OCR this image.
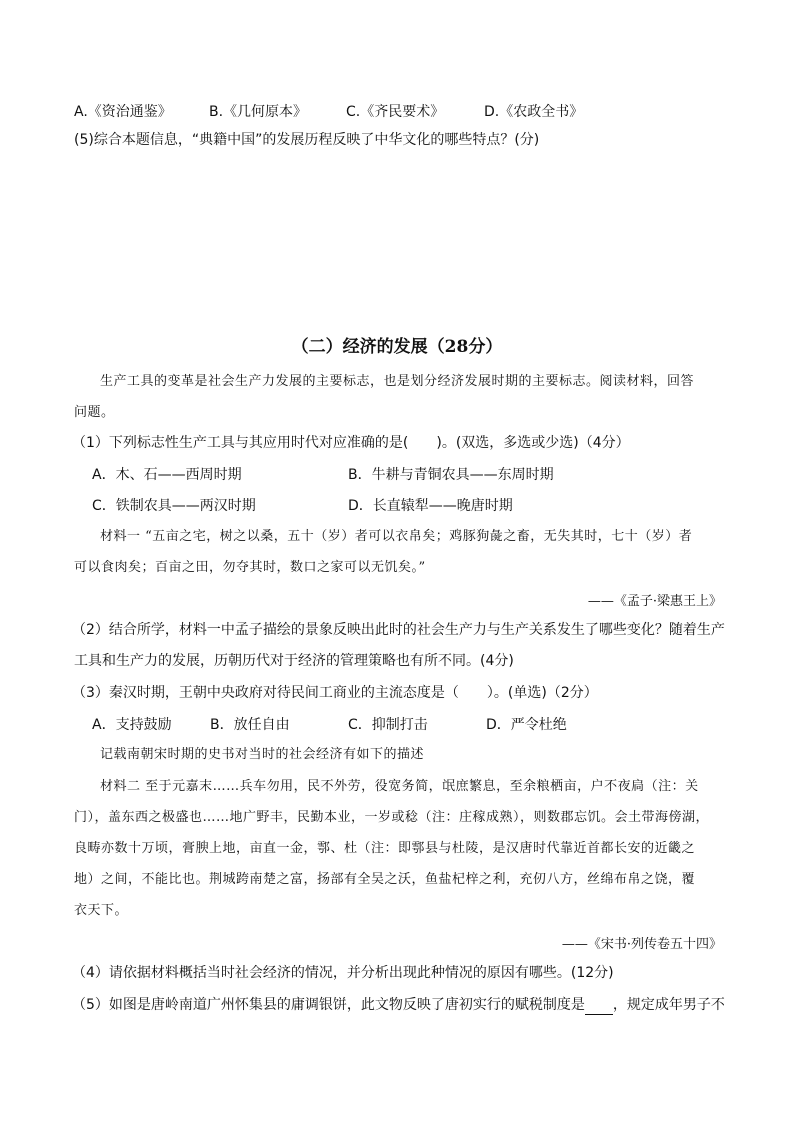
A.《资治通鉴》	B.《几何原本》	C.《齐民要术》	D.《农政全书》
(5)综合本题信息，“典籍中国”的发展历程反映了中华文化的哪些特点？(分)
（二）经济的发展（28分）
生产工具的变革是社会生产力发展的主要标志，也是划分经济发展时期的主要标志。阅读材料，回答
问题。
（1）下列标志性生产工具与其应用时代对应准确的是(　　)。(双选，多选或少选)（4分）
A．木、石——西周时期	B．牛耕与青铜农具——东周时期
C．铁制农具——两汉时期	D．长直辕犁——晚唐时期
材料一 “五亩之宅，树之以桑，五十（岁）者可以衣帛矣；鸡豚狗彘之畜，无失其时，七十（岁）者
可以食肉矣；百亩之田，勿夺其时，数口之家可以无饥矣。”
——《孟子·梁惠王上》
（2）结合所学，材料一中孟子描绘的景象反映出此时的社会生产力与生产关系发生了哪些变化？随着生产
工具和生产力的发展，历朝历代对于经济的管理策略也有所不同。(4分)
（3）秦汉时期，王朝中央政府对待民间工商业的主流态度是（　　）。(单选)（2分）
A．支持鼓励	B．放任自由	C．抑制打击	D．严令杜绝
记载南朝宋时期的史书对当时的社会经济有如下的描述
材料二 至于元嘉末……兵车勿用，民不外劳，役宽务简，氓庶繁息，至余粮栖亩，户不夜扃（注：关
门），盖东西之极盛也……地广野丰，民勤本业，一岁或稔（注：庄稼成熟），则数郡忘饥。会土带海傍湖，
良畴亦数十万顷，膏腴上地，亩直一金，鄠、杜（注：即鄠县与杜陵，是汉唐时代靠近首都长安的近畿之
地）之间，不能比也。荆城跨南楚之富，扬部有全吴之沃，鱼盐杞梓之利，充仞八方，丝绵布帛之饶，覆
衣天下。
——《宋书·列传卷五十四》
（4）请依据材料概括当时社会经济的情况，并分析出现此种情况的原因有哪些。(12分)
（5）如图是唐岭南道广州怀集县的庸调银饼，此文物反映了唐初实行的赋税制度是 ，规定成年男子不
